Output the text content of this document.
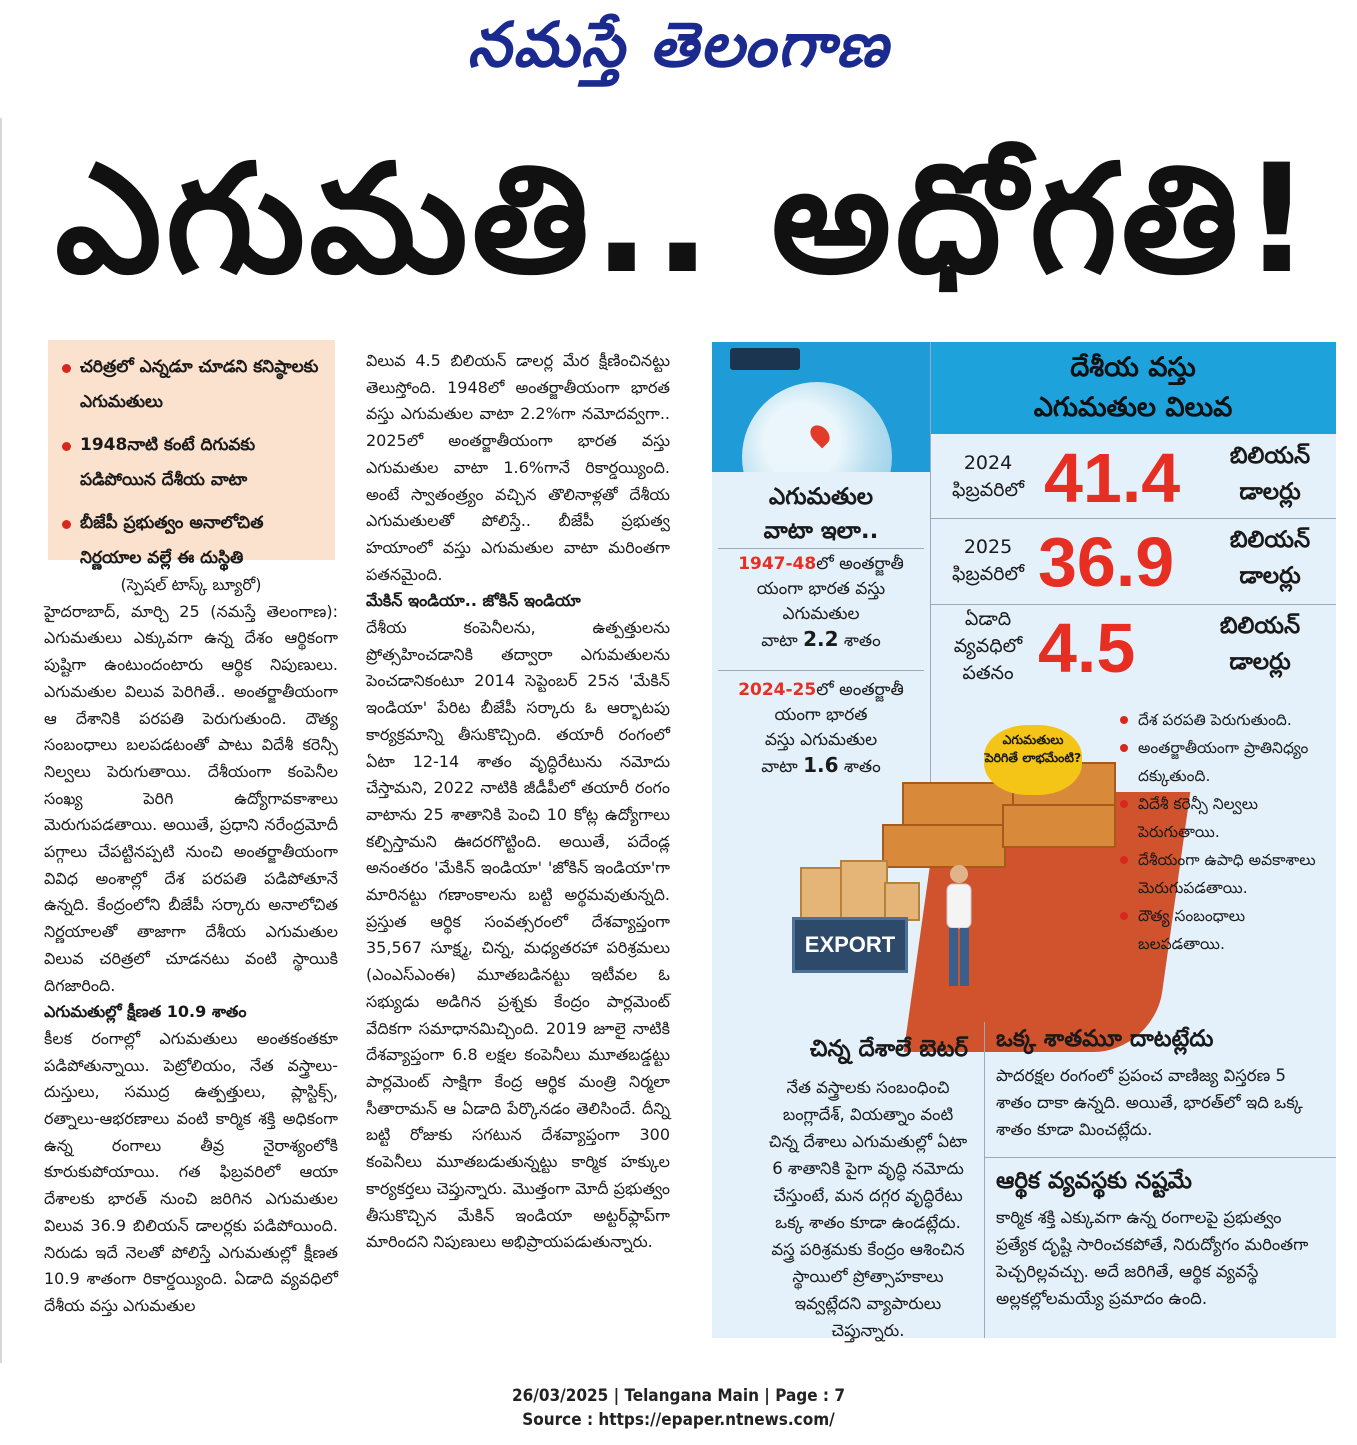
నమస్తే తెలంగాణ
ఎగుమతి.. అధోగతి!
చరిత్రలో ఎన్నడూ చూడని కనిష్ఠాలకు ఎగుమతులు
1948నాటి కంటే దిగువకు పడిపోయిన దేశీయ వాటా
బీజేపీ ప్రభుత్వం అనాలోచిత నిర్ణయాల వల్లే ఈ దుస్థితి

(స్పెషల్ టాస్క్ బ్యూరో)

హైదరాబాద్, మార్చి 25 (నమస్తే తెలంగాణ): ఎగుమతులు ఎక్కువగా ఉన్న దేశం ఆర్థికంగా పుష్టిగా ఉంటుందంటారు ఆర్థిక నిపుణులు. ఎగుమతుల విలువ పెరిగితే.. అంతర్జాతీయంగా ఆ దేశానికి పరపతి పెరుగుతుంది. దౌత్య సంబంధాలు బలపడటంతో పాటు విదేశీ కరెన్సీ నిల్వలు పెరుగుతాయి. దేశీయంగా కంపెనీల సంఖ్య పెరిగి ఉద్యోగావకాశాలు మెరుగుపడతాయి. అయితే, ప్రధాని నరేంద్రమోదీ పగ్గాలు చేపట్టినప్పటి నుంచి అంతర్జాతీయంగా వివిధ అంశాల్లో దేశ పరపతి పడిపోతూనే ఉన్నది. కేంద్రంలోని బీజేపీ సర్కారు అనాలోచిత నిర్ణయాలతో తాజాగా దేశీయ ఎగుమతుల విలువ చరిత్రలో చూడనటు వంటి స్థాయికి దిగజారింది.

ఎగుమతుల్లో క్షీణత 10.9 శాతం

కీలక రంగాల్లో ఎగుమతులు అంతకంతకూ పడిపోతున్నాయి. పెట్రోలియం, నేత వస్త్రాలు-దుస్తులు, సముద్ర ఉత్పత్తులు, ప్లాస్టిక్స్, రత్నాలు-ఆభరణాలు వంటి కార్మిక శక్తి అధికంగా ఉన్న రంగాలు తీవ్ర నైరాశ్యంలోకి కూరుకుపోయాయి. గత ఫిబ్రవరిలో ఆయా దేశాలకు భారత్ నుంచి జరిగిన ఎగుమతుల విలువ 36.9 బిలియన్ డాలర్లకు పడిపోయింది. నిరుడు ఇదే నెలతో పోలిస్తే ఎగుమతుల్లో క్షీణత 10.9 శాతంగా రికార్డయ్యింది. ఏడాది వ్యవధిలో దేశీయ వస్తు ఎగుమతుల

విలువ 4.5 బిలియన్ డాలర్ల మేర క్షీణించినట్టు తెలుస్తోంది. 1948లో అంతర్జాతీయంగా భారత వస్తు ఎగుమతుల వాటా 2.2%గా నమోదవ్వగా.. 2025లో అంతర్జాతీయంగా భారత వస్తు ఎగుమతుల వాటా 1.6%గానే రికార్డయ్యింది. అంటే స్వాతంత్ర్యం వచ్చిన తొలినాళ్లతో దేశీయ ఎగుమతులతో పోలిస్తే.. బీజేపీ ప్రభుత్వ హయాంలో వస్తు ఎగుమతుల వాటా మరింతగా పతనమైంది.

మేకిన్ ఇండియా.. జోకిన్ ఇండియా

దేశీయ కంపెనీలను, ఉత్పత్తులను ప్రోత్సహించడానికి తద్వారా ఎగుమతులను పెంచడానికంటూ 2014 సెప్టెంబర్ 25న 'మేకిన్ ఇండియా' పేరిట బీజేపీ సర్కారు ఓ ఆర్భాటపు కార్యక్రమాన్ని తీసుకొచ్చింది. తయారీ రంగంలో ఏటా 12-14 శాతం వృద్ధిరేటును నమోదు చేస్తామని, 2022 నాటికి జీడీపీలో తయారీ రంగం వాటాను 25 శాతానికి పెంచి 10 కోట్ల ఉద్యోగాలు కల్పిస్తామని ఊదరగొట్టింది. అయితే, పదేండ్ల అనంతరం 'మేకిన్ ఇండియా' 'జోకిన్ ఇండియా'గా మారినట్టు గణాంకాలను బట్టి అర్థమవుతున్నది. ప్రస్తుత ఆర్థిక సంవత్సరంలో దేశవ్యాప్తంగా 35,567 సూక్ష్మ, చిన్న, మధ్యతరహా పరిశ్రమలు (ఎంఎస్ఎంఈ) మూతబడినట్టు ఇటీవల ఓ సభ్యుడు అడిగిన ప్రశ్నకు కేంద్రం పార్లమెంట్ వేదికగా సమాధానమిచ్చింది. 2019 జూలై నాటికి దేశవ్యాప్తంగా 6.8 లక్షల కంపెనీలు మూతబడ్డట్టు పార్లమెంట్ సాక్షిగా కేంద్ర ఆర్థిక మంత్రి నిర్మలా సీతారామన్ ఆ ఏడాది పేర్కొనడం తెలిసిందే. దీన్ని బట్టి రోజుకు సగటున దేశవ్యాప్తంగా 300 కంపెనీలు మూతబడుతున్నట్టు కార్మిక హక్కుల కార్యకర్తలు చెప్తున్నారు. మొత్తంగా మోదీ ప్రభుత్వం తీసుకొచ్చిన మేకిన్ ఇండియా అట్టర్‌ఫ్లాప్‌గా మారిందని నిపుణులు అభిప్రాయపడుతున్నారు.

దేశీయ వస్తు
ఎగుమతుల విలువ
2024
ఫిబ్రవరిలో 41.4	బిలియన్
డాలర్లు
2025
ఫిబ్రవరిలో 36.9	బిలియన్
డాలర్లు
ఏడాది
వ్యవధిలో
పతనం 4.5	బిలియన్
డాలర్లు
ఎగుమతుల
వాటా ఇలా..
1947-48లో అంతర్జాతీ
యంగా భారత వస్తు
ఎగుమతుల
వాటా 2.2 శాతం
2024-25లో అంతర్జాతీ
యంగా భారత
వస్తు ఎగుమతుల
వాటా 1.6 శాతం
EXPORT
ఎగుమతులు పెరిగితే లాభమేంటి?
దేశ పరపతి పెరుగుతుంది.
అంతర్జాతీయంగా ప్రాతినిధ్యం దక్కుతుంది.
విదేశీ కరెన్సీ నిల్వలు పెరుగుతాయి.
దేశీయంగా ఉపాధి అవకాశాలు మెరుగుపడతాయి.
దౌత్య సంబంధాలు బలపడతాయి.
చిన్న దేశాలే బెటర్
నేత వస్త్రాలకు సంబంధించి బంగ్లాదేశ్, వియత్నాం వంటి చిన్న దేశాలు ఎగుమతుల్లో ఏటా 6 శాతానికి పైగా వృద్ధి నమోదు చేస్తుంటే, మన దగ్గర వృద్ధిరేటు ఒక్క శాతం కూడా ఉండట్లేదు. వస్త్ర పరిశ్రమకు కేంద్రం ఆశించిన స్థాయిలో ప్రోత్సాహకాలు ఇవ్వట్లేదని వ్యాపారులు చెప్తున్నారు.
ఒక్క శాతమూ దాటట్లేదు
పాదరక్షల రంగంలో ప్రపంచ వాణిజ్య విస్తరణ 5 శాతం దాకా ఉన్నది. అయితే, భారత్‌లో ఇది ఒక్క శాతం కూడా మించట్లేదు.
ఆర్థిక వ్యవస్థకు నష్టమే
కార్మిక శక్తి ఎక్కువగా ఉన్న రంగాలపై ప్రభుత్వం ప్రత్యేక దృష్టి సారించకపోతే, నిరుద్యోగం మరింతగా పెచ్చరిల్లవచ్చు. అదే జరిగితే, ఆర్థిక వ్యవస్థే అల్లకల్లోలమయ్యే ప్రమాదం ఉంది.
26/03/2025 | Telangana Main | Page : 7
Source : https://epaper.ntnews.com/
